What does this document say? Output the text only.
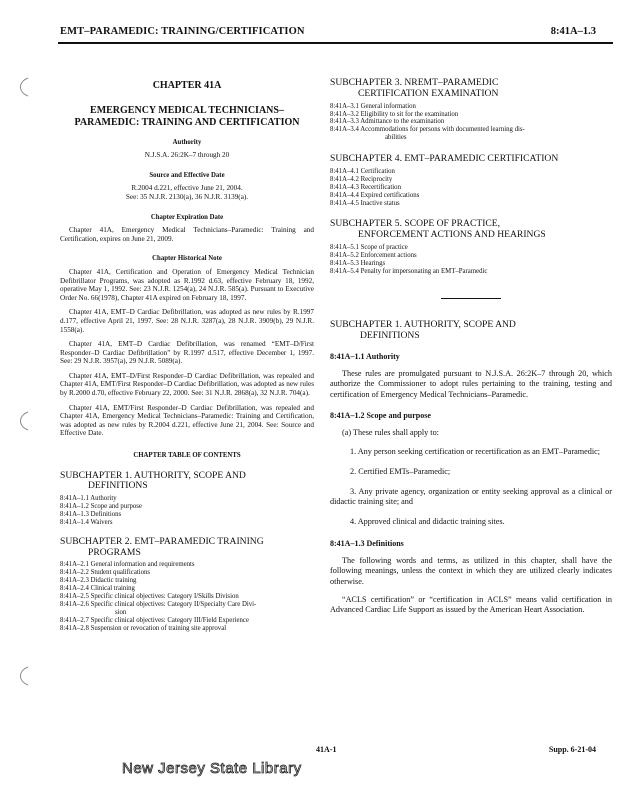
EMT–PARAMEDIC: TRAINING/CERTIFICATION	8:41A–1.3
CHAPTER 41A
EMERGENCY MEDICAL TECHNICIANS–PARAMEDIC: TRAINING AND CERTIFICATION
Authority
N.J.S.A. 26:2K–7 through 20
Source and Effective Date
R.2004 d.221, effective June 21, 2004.
See: 35 N.J.R. 2130(a), 36 N.J.R. 3139(a).
Chapter Expiration Date
Chapter 41A, Emergency Medical Technicians–Paramedic: Training and Certification, expires on June 21, 2009.
Chapter Historical Note
Chapter 41A, Certification and Operation of Emergency Medical Technician Defibrillator Programs, was adopted as R.1992 d.63, effective February 18, 1992, operative May 1, 1992. See: 23 N.J.R. 1254(a), 24 N.J.R. 585(a). Pursuant to Executive Order No. 66(1978), Chapter 41A expired on February 18, 1997.
Chapter 41A, EMT–D Cardiac Defibrillation, was adopted as new rules by R.1997 d.177, effective April 21, 1997. See: 28 N.J.R. 3287(a), 28 N.J.R. 3909(b), 29 N.J.R. 1558(a).
Chapter 41A, EMT–D Cardiac Defibrillation, was renamed “EMT–D/First Responder–D Cardiac Defibrillation” by R.1997 d.517, effective December 1, 1997. See: 29 N.J.R. 3957(a), 29 N.J.R. 5089(a).
Chapter 41A, EMT–D/First Responder–D Cardiac Defibrillation, was repealed and Chapter 41A, EMT/First Responder–D Cardiac Defibrillation, was adopted as new rules by R.2000 d.70, effective February 22, 2000. See: 31 N.J.R. 2868(a), 32 N.J.R. 704(a).
Chapter 41A, EMT/First Responder–D Cardiac Defibrillation, was repealed and Chapter 41A, Emergency Medical Technicians–Paramedic: Training and Certification, was adopted as new rules by R.2004 d.221, effective June 21, 2004. See: Source and Effective Date.
CHAPTER TABLE OF CONTENTS
SUBCHAPTER 1. AUTHORITY, SCOPE AND
DEFINITIONS
8:41A–1.1 Authority
8:41A–1.2 Scope and purpose
8:41A–1.3 Definitions
8:41A–1.4 Waivers
SUBCHAPTER 2. EMT–PARAMEDIC TRAINING
PROGRAMS
8:41A–2.1 General information and requirements
8:41A–2.2 Student qualifications
8:41A–2.3 Didactic training
8:41A–2.4 Clinical training
8:41A–2.5 Specific clinical objectives: Category I/Skills Division
8:41A–2.6 Specific clinical objectives: Category II/Specialty Care Divi-
sion
8:41A–2.7 Specific clinical objectives: Category III/Field Experience
8:41A–2.8 Suspension or revocation of training site approval
SUBCHAPTER 3. NREMT–PARAMEDIC
CERTIFICATION EXAMINATION
8:41A–3.1 General information
8:41A–3.2 Eligibility to sit for the examination
8:41A–3.3 Admittance to the examination
8:41A–3.4 Accommodations for persons with documented learning dis-
abilities
SUBCHAPTER 4. EMT–PARAMEDIC CERTIFICATION
8:41A–4.1 Certification
8:41A–4.2 Reciprocity
8:41A–4.3 Recertification
8:41A–4.4 Expired certifications
8:41A–4.5 Inactive status
SUBCHAPTER 5. SCOPE OF PRACTICE,
ENFORCEMENT ACTIONS AND HEARINGS
8:41A–5.1 Scope of practice
8:41A–5.2 Enforcement actions
8:41A–5.3 Hearings
8:41A–5.4 Penalty for impersonating an EMT–Paramedic
SUBCHAPTER 1. AUTHORITY, SCOPE AND
DEFINITIONS
8:41A–1.1 Authority
These rules are promulgated pursuant to N.J.S.A. 26:2K–7 through 20, which authorize the Commissioner to adopt rules pertaining to the training, testing and certification of Emergency Medical Technicians–Paramedic.
8:41A–1.2 Scope and purpose
(a) These rules shall apply to:
1. Any person seeking certification or recertification as an EMT–Paramedic;
2. Certified EMTs–Paramedic;
3. Any private agency, organization or entity seeking approval as a clinical or didactic training site; and
4. Approved clinical and didactic training sites.
8:41A–1.3 Definitions
The following words and terms, as utilized in this chapter, shall have the following meanings, unless the context in which they are utilized clearly indicates otherwise.
“ACLS certification” or “certification in ACLS” means valid certification in Advanced Cardiac Life Support as issued by the American Heart Association.
41A-1	Supp. 6-21-04
New Jersey State Library
